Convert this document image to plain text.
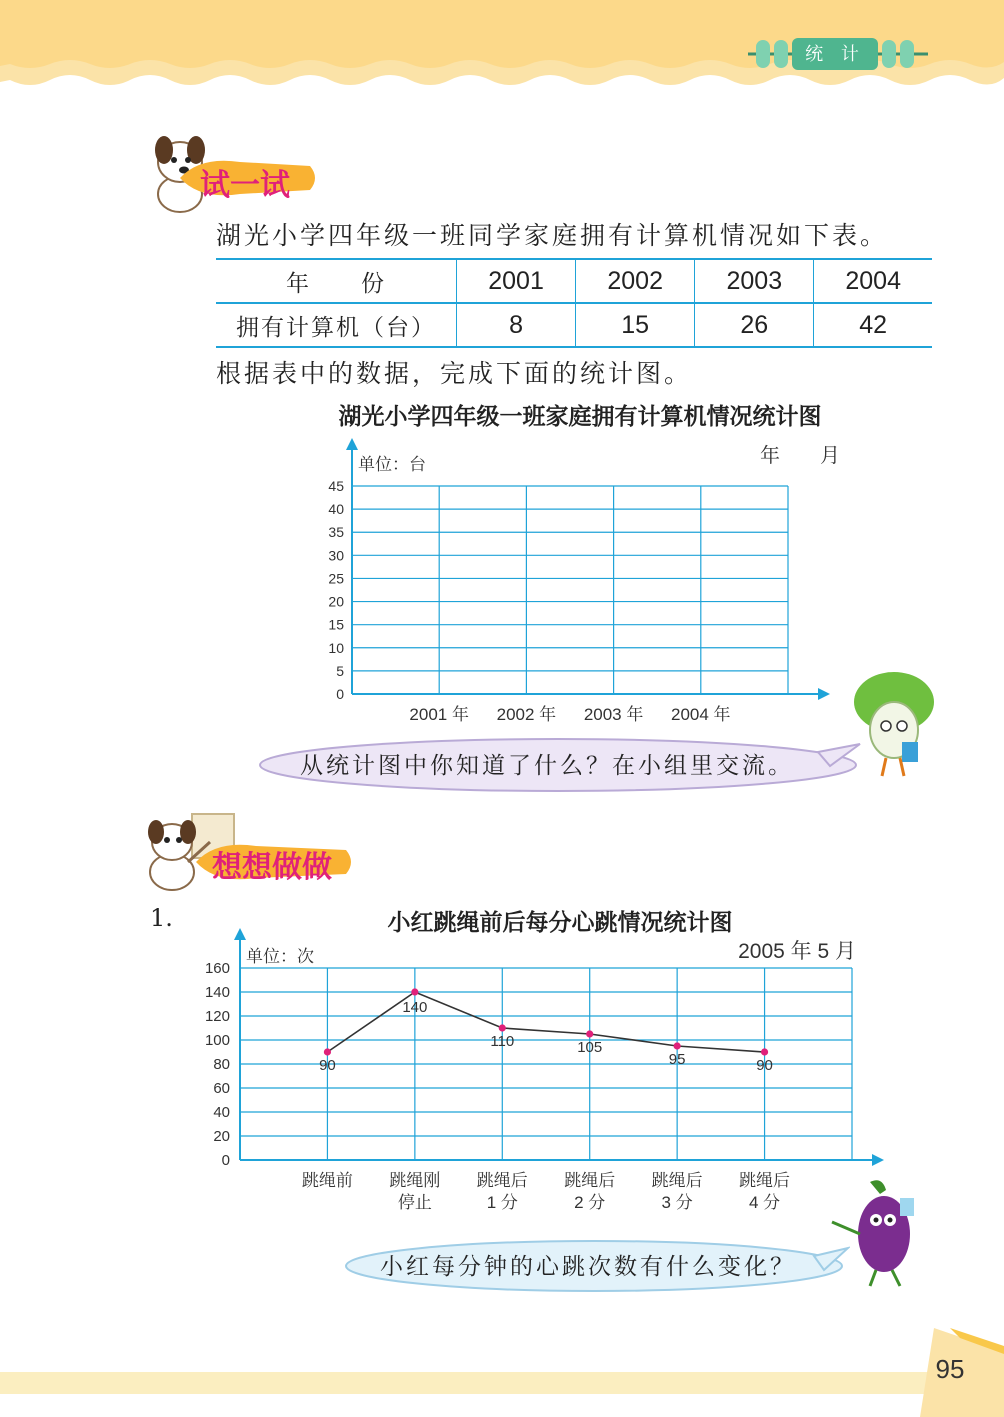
统 计
试一试
湖光小学四年级一班同学家庭拥有计算机情况如下表。
年　　份	2001	2002	2003	2004
拥有计算机（台）	8	15	26	42
根据表中的数据，完成下面的统计图。
湖光小学四年级一班家庭拥有计算机情况统计图
0
5
10
15
20
25
30
35
40
45
2001 年 2002 年 2003 年 2004 年
单位：台	年　　月
从统计图中你知道了什么？在小组里交流。
想想做做
1.	小红跳绳前后每分心跳情况统计图
0
20
40
60
80
100
120
140
160
90
140
110	105
95	90
跳绳前 跳绳刚
停止
跳绳后
1 分
跳绳后
2 分
跳绳后
3 分
跳绳后
4 分
单位：次	2005 年 5 月
小红每分钟的心跳次数有什么变化？
95
